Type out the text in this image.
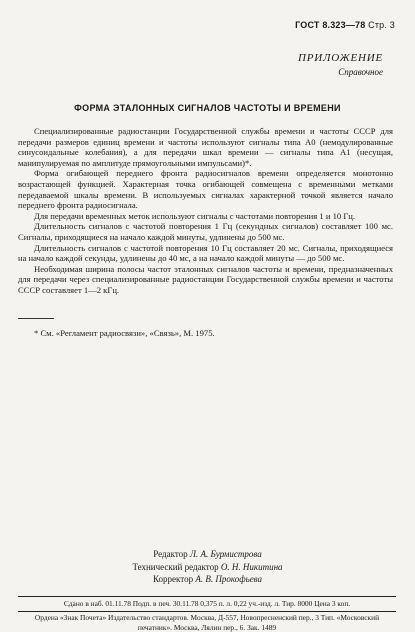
ГОСТ 8.323—78 Стр. 3
ПРИЛОЖЕНИЕ
Справочное
ФОРМА ЭТАЛОННЫХ СИГНАЛОВ ЧАСТОТЫ И ВРЕМЕНИ

Специализированные радиостанции Государственной службы времени и частоты СССР для передачи размеров единиц времени и частоты используют сигналы типа А0 (немодулированные синусоидальные колебания), а для передачи шкал времени — сигналы типа А1 (несущая, манипулируемая по амплитуде прямоугольными импульсами)*.

Форма огибающей переднего фронта радиосигналов времени определяется монотонно возрастающей функцией. Характерная точка огибающей совмещена с временными метками передаваемой шкалы времени. В используемых сигналах характерной точкой является начало переднего фронта радиосигнала.

Для передачи временных меток используют сигналы с частотами повторения 1 и 10 Гц.

Длительность сигналов с частотой повторения 1 Гц (секундных сигналов) составляет 100 мс. Сигналы, приходящиеся на начало каждой минуты, удлинены до 500 мс.

Длительность сигналов с частотой повторения 10 Гц составляет 20 мс. Сигналы, приходящиеся на начало каждой секунды, удлинены до 40 мс, а на начало каждой минуты — до 500 мс.

Необходимая ширина полосы частот эталонных сигналов частоты и времени, предназначенных для передачи через специализированные радиостанции Государственной службы времени и частоты СССР составляет 1—2 кГц.

* См. «Регламент радиосвязи», «Связь», М. 1975.
Редактор Л. А. Бурмистрова
Технический редактор О. Н. Никитина
Корректор А. В. Прокофьева
Сдано в наб. 01.11.78 Подп. в печ. 30.11.78 0,375 п. л. 0,22 уч.-изд. л. Тир. 8000 Цена 3 коп.
Ордена «Знак Почета» Издательство стандартов. Москва, Д-557, Новопресненский пер., 3 Тип. «Московский печатник». Москва, Лялин пер., 6. Зак. 1489
